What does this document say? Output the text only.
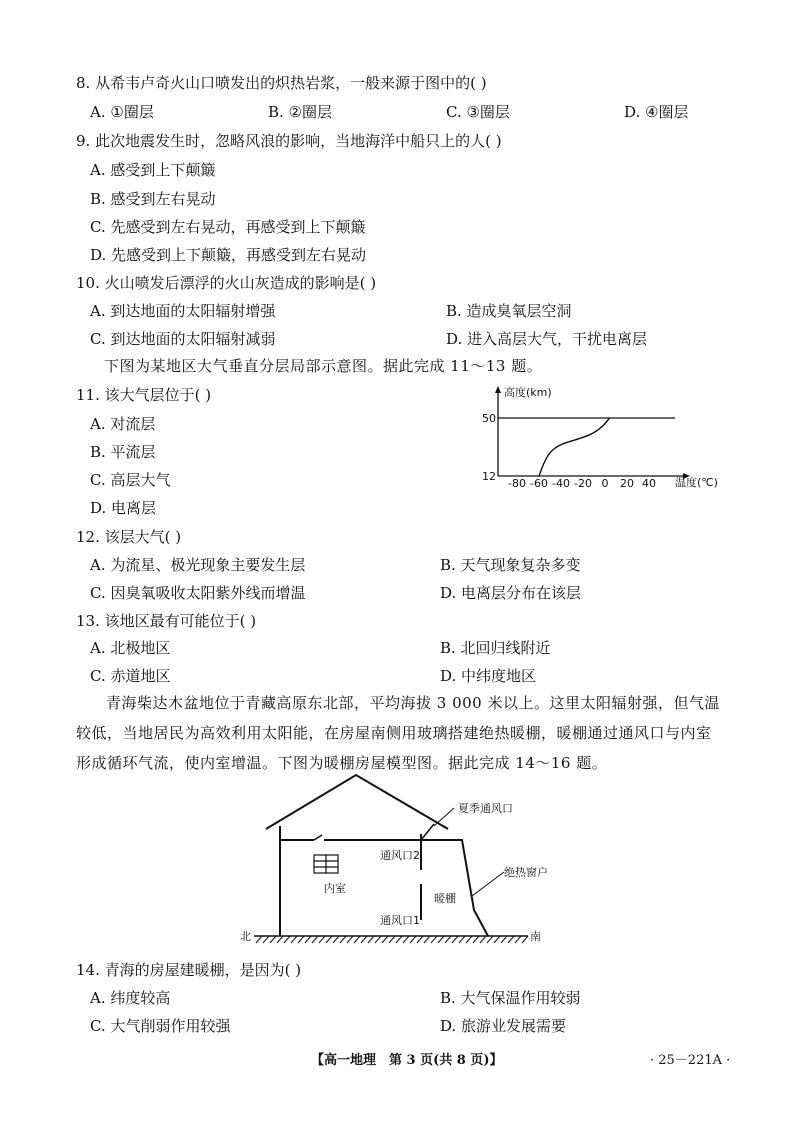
8. 从希韦卢奇火山口喷发出的炽热岩浆，一般来源于图中的( )
A. ①圈层	B. ②圈层	C. ③圈层	D. ④圈层
9. 此次地震发生时，忽略风浪的影响，当地海洋中船只上的人( )
A. 感受到上下颠簸
B. 感受到左右晃动
C. 先感受到左右晃动，再感受到上下颠簸
D. 先感受到上下颠簸，再感受到左右晃动
10. 火山喷发后漂浮的火山灰造成的影响是( )
A. 到达地面的太阳辐射增强	B. 造成臭氧层空洞
C. 到达地面的太阳辐射减弱	D. 进入高层大气，干扰电离层
下图为某地区大气垂直分层局部示意图。据此完成 11～13 题。
11. 该大气层位于( )
A. 对流层
B. 平流层
C. 高层大气
D. 电离层
高度(km)
温度(℃)
50
12
-80 -60 -40 -20 0 20 40
12. 该层大气( )
A. 为流星、极光现象主要发生层	B. 天气现象复杂多变
C. 因臭氧吸收太阳紫外线而增温	D. 电离层分布在该层
13. 该地区最有可能位于( )
A. 北极地区	B. 北回归线附近
C. 赤道地区	D. 中纬度地区
青海柴达木盆地位于青藏高原东北部，平均海拔 3 000 米以上。这里太阳辐射强，但气温较低，当地居民为高效利用太阳能，在房屋南侧用玻璃搭建绝热暖棚，暖棚通过通风口与内室形成循环气流，使内室增温。下图为暖棚房屋模型图。据此完成 14～16 题。
夏季通风口
通风口2
内室
暖棚
通风口1
绝热窗户
北	南
14. 青海的房屋建暖棚，是因为( )
A. 纬度较高	B. 大气保温作用较弱
C. 大气削弱作用较强	D. 旅游业发展需要
【高一地理　第 3 页(共 8 页)】	· 25－221A ·
